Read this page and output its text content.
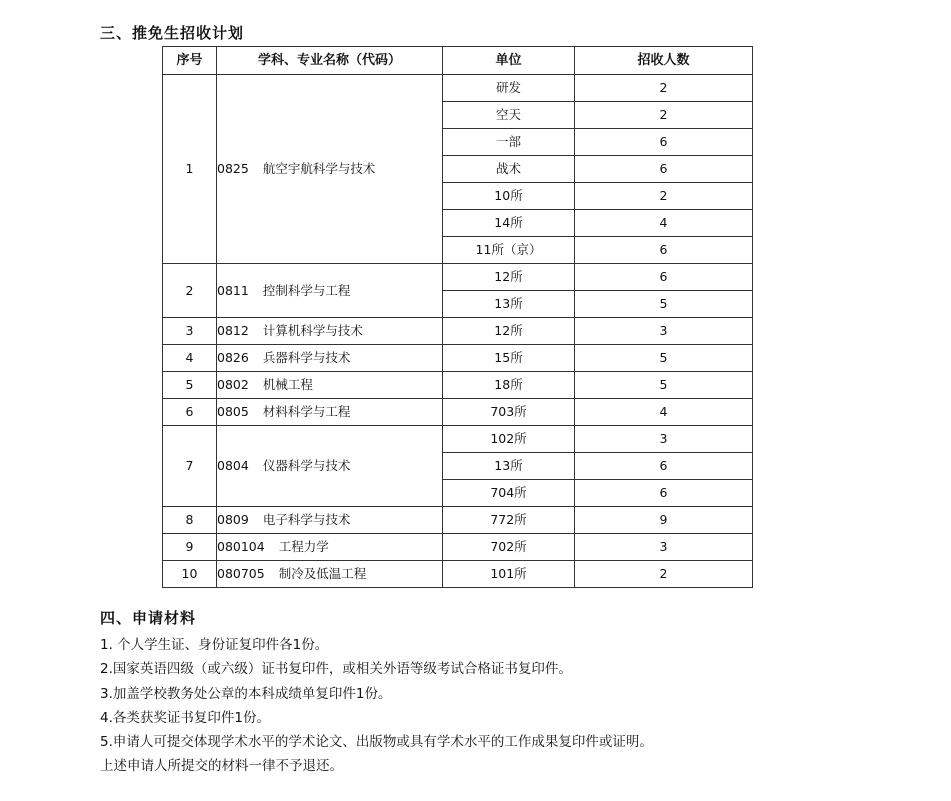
三、推免生招收计划
序号	学科、专业名称（代码）	单位	招收人数
1	0825 航空宇航科学与技术	研发	2
		空天	2
		一部	6
		战术	6
		10所	2
		14所	4
		11所（京）	6
2	0811 控制科学与工程	12所	6
		13所	5
3	0812 计算机科学与技术	12所	3
4	0826 兵器科学与技术	15所	5
5	0802 机械工程	18所	5
6	0805 材料科学与工程	703所	4
7	0804 仪器科学与技术	102所	3
		13所	6
		704所	6
8	0809 电子科学与技术	772所	9
9	080104 工程力学	702所	3
10	080705 制冷及低温工程	101所	2
四、申请材料
1. 个人学生证、身份证复印件各1份。
2.国家英语四级（或六级）证书复印件，或相关外语等级考试合格证书复印件。
3.加盖学校教务处公章的本科成绩单复印件1份。
4.各类获奖证书复印件1份。
5.申请人可提交体现学术水平的学术论文、出版物或具有学术水平的工作成果复印件或证明。
上述申请人所提交的材料一律不予退还。
